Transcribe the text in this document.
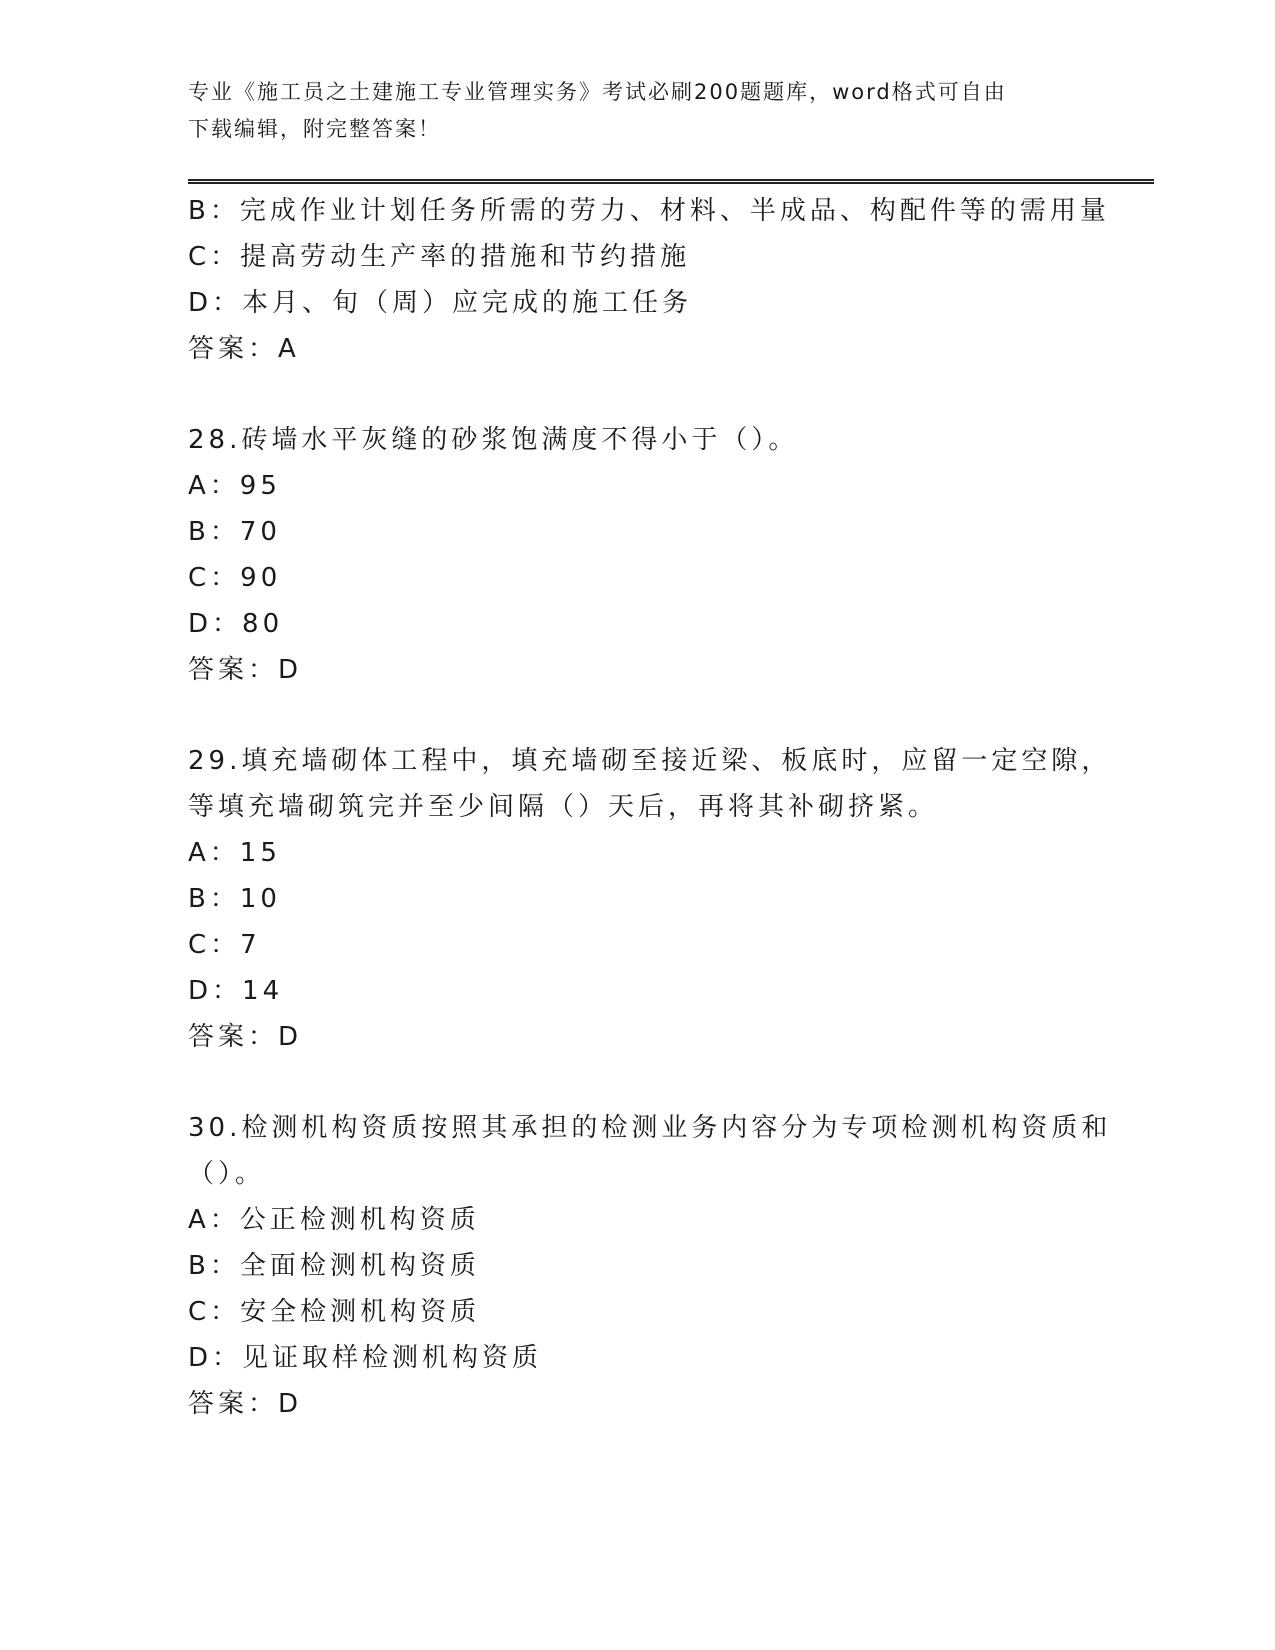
专业《施工员之土建施工专业管理实务》考试必刷200题题库，word格式可自由
下载编辑，附完整答案！
B：完成作业计划任务所需的劳力、材料、半成品、构配件等的需用量
C：提高劳动生产率的措施和节约措施
D：本月、旬（周）应完成的施工任务
答案：A
28.砖墙水平灰缝的砂浆饱满度不得小于（）。
A：95
B：70
C：90
D：80
答案：D
29.填充墙砌体工程中，填充墙砌至接近梁、板底时，应留一定空隙，
等填充墙砌筑完并至少间隔（）天后，再将其补砌挤紧。
A：15
B：10
C：7
D：14
答案：D
30.检测机构资质按照其承担的检测业务内容分为专项检测机构资质和
（）。
A：公正检测机构资质
B：全面检测机构资质
C：安全检测机构资质
D：见证取样检测机构资质
答案：D
